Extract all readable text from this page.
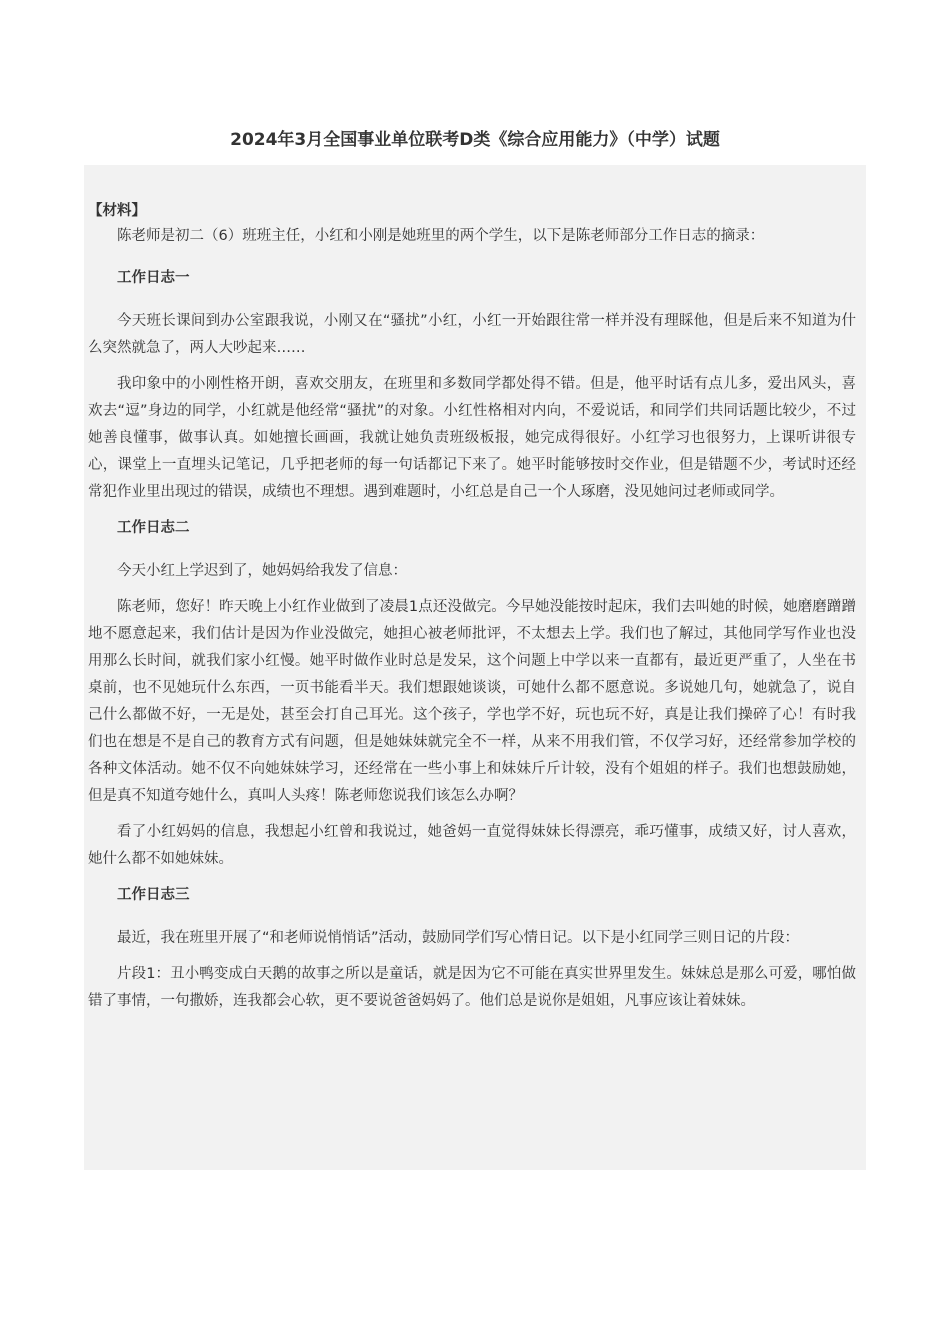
2024年3月全国事业单位联考D类《综合应用能力》（中学）试题

【材料】

陈老师是初二（6）班班主任，小红和小刚是她班里的两个学生，以下是陈老师部分工作日志的摘录：

工作日志一

今天班长课间到办公室跟我说，小刚又在“骚扰”小红，小红一开始跟往常一样并没有理睬他，但是后来不知道为什么突然就急了，两人大吵起来……

我印象中的小刚性格开朗，喜欢交朋友，在班里和多数同学都处得不错。但是，他平时话有点儿多，爱出风头，喜欢去“逗”身边的同学，小红就是他经常“骚扰”的对象。小红性格相对内向，不爱说话，和同学们共同话题比较少，不过她善良懂事，做事认真。如她擅长画画，我就让她负责班级板报，她完成得很好。小红学习也很努力，上课听讲很专心，课堂上一直埋头记笔记，几乎把老师的每一句话都记下来了。她平时能够按时交作业，但是错题不少，考试时还经常犯作业里出现过的错误，成绩也不理想。遇到难题时，小红总是自己一个人琢磨，没见她问过老师或同学。

工作日志二

今天小红上学迟到了，她妈妈给我发了信息：

陈老师，您好！昨天晚上小红作业做到了凌晨1点还没做完。今早她没能按时起床，我们去叫她的时候，她磨磨蹭蹭地不愿意起来，我们估计是因为作业没做完，她担心被老师批评，不太想去上学。我们也了解过，其他同学写作业也没用那么长时间，就我们家小红慢。她平时做作业时总是发呆，这个问题上中学以来一直都有，最近更严重了，人坐在书桌前，也不见她玩什么东西，一页书能看半天。我们想跟她谈谈，可她什么都不愿意说。多说她几句，她就急了，说自己什么都做不好，一无是处，甚至会打自己耳光。这个孩子，学也学不好，玩也玩不好，真是让我们操碎了心！有时我们也在想是不是自己的教育方式有问题，但是她妹妹就完全不一样，从来不用我们管，不仅学习好，还经常参加学校的各种文体活动。她不仅不向她妹妹学习，还经常在一些小事上和妹妹斤斤计较，没有个姐姐的样子。我们也想鼓励她，但是真不知道夸她什么，真叫人头疼！陈老师您说我们该怎么办啊？

看了小红妈妈的信息，我想起小红曾和我说过，她爸妈一直觉得妹妹长得漂亮，乖巧懂事，成绩又好，讨人喜欢，她什么都不如她妹妹。

工作日志三

最近，我在班里开展了“和老师说悄悄话”活动，鼓励同学们写心情日记。以下是小红同学三则日记的片段：

片段1：丑小鸭变成白天鹅的故事之所以是童话，就是因为它不可能在真实世界里发生。妹妹总是那么可爱，哪怕做错了事情，一句撒娇，连我都会心软，更不要说爸爸妈妈了。他们总是说你是姐姐，凡事应该让着妹妹。
